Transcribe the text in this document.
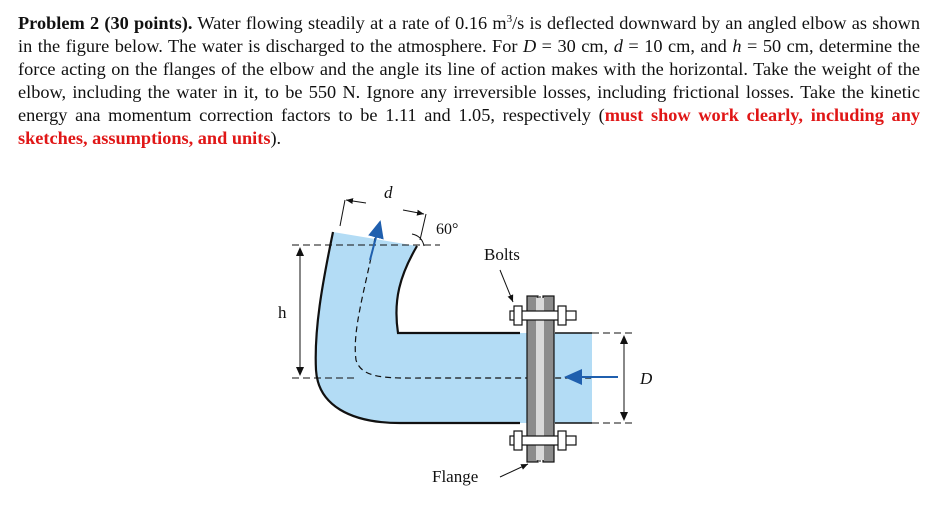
Problem 2 (30 points). Water flowing steadily at a rate of 0.16 $m^3/s$ is deflected downward by an angled elbow as shown in the figure below. The water is discharged to the atmosphere. For D = 30 cm, d = 10 cm, and h = 50 cm, determine the force acting on the flanges of the elbow and the angle its line of action makes with the horizontal. Take the weight of the elbow, including the water in it, to be 550 N. Ignore any irreversible losses, including frictional losses. Take the kinetic energy ana momentum correction factors to be 1.11 and 1.05, respectively (must show work clearly, including any sketches, assumptions, and units).
d
60°
h
D
Bolts
Flange
